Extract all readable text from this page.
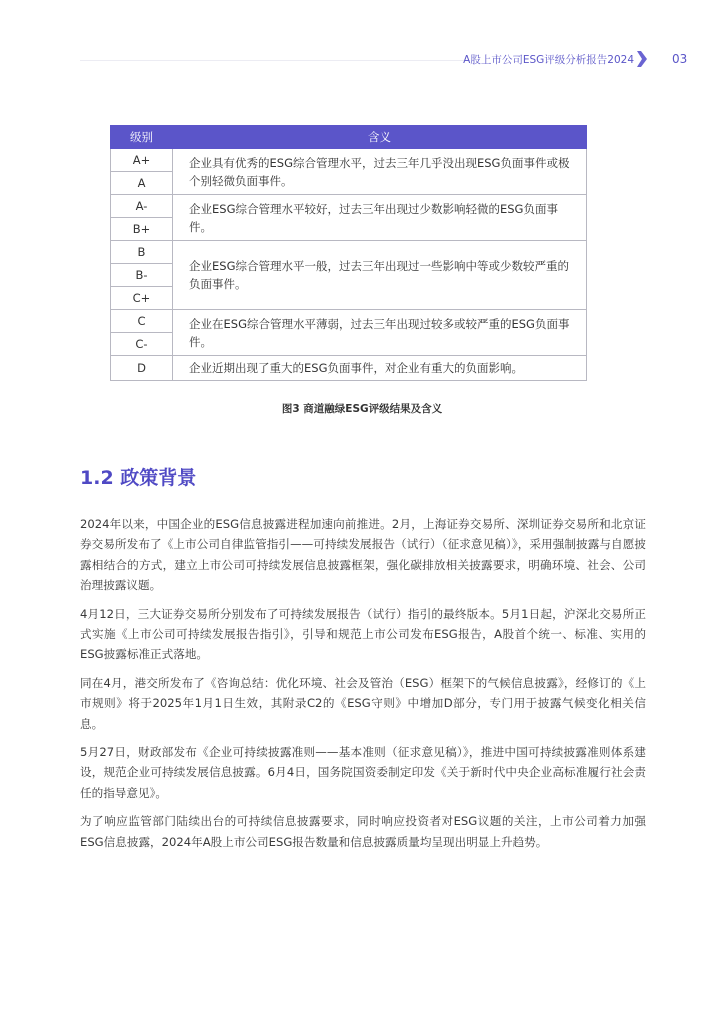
A股上市公司ESG评级分析报告2024	03
级别	含义
A+	企业具有优秀的ESG综合管理水平，过去三年几乎没出现ESG负面事件或极个别轻微负面事件。
A	
A-	企业ESG综合管理水平较好，过去三年出现过少数影响轻微的ESG负面事件。
B+	
B	企业ESG综合管理水平一般，过去三年出现过一些影响中等或少数较严重的负面事件。
B-	
C+	
C	企业在ESG综合管理水平薄弱，过去三年出现过较多或较严重的ESG负面事件。
C-	
D	企业近期出现了重大的ESG负面事件，对企业有重大的负面影响。
图3 商道融绿ESG评级结果及含义
1.2 政策背景

2024年以来，中国企业的ESG信息披露进程加速向前推进。2月，上海证券交易所、深圳证券交易所和北京证券交易所发布了《上市公司自律监管指引——可持续发展报告（试行）（征求意见稿）》，采用强制披露与自愿披露相结合的方式，建立上市公司可持续发展信息披露框架，强化碳排放相关披露要求，明确环境、社会、公司治理披露议题。

4月12日，三大证券交易所分别发布了可持续发展报告（试行）指引的最终版本。5月1日起，沪深北交易所正式实施《上市公司可持续发展报告指引》，引导和规范上市公司发布ESG报告，A股首个统一、标准、实用的ESG披露标准正式落地。

同在4月，港交所发布了《咨询总结：优化环境、社会及管治（ESG）框架下的气候信息披露》，经修订的《上市规则》将于2025年1月1日生效，其附录C2的《ESG守则》中增加D部分，专门用于披露气候变化相关信息。

5月27日，财政部发布《企业可持续披露准则——基本准则（征求意见稿）》，推进中国可持续披露准则体系建设，规范企业可持续发展信息披露。6月4日，国务院国资委制定印发《关于新时代中央企业高标准履行社会责任的指导意见》。

为了响应监管部门陆续出台的可持续信息披露要求，同时响应投资者对ESG议题的关注，上市公司着力加强ESG信息披露，2024年A股上市公司ESG报告数量和信息披露质量均呈现出明显上升趋势。
